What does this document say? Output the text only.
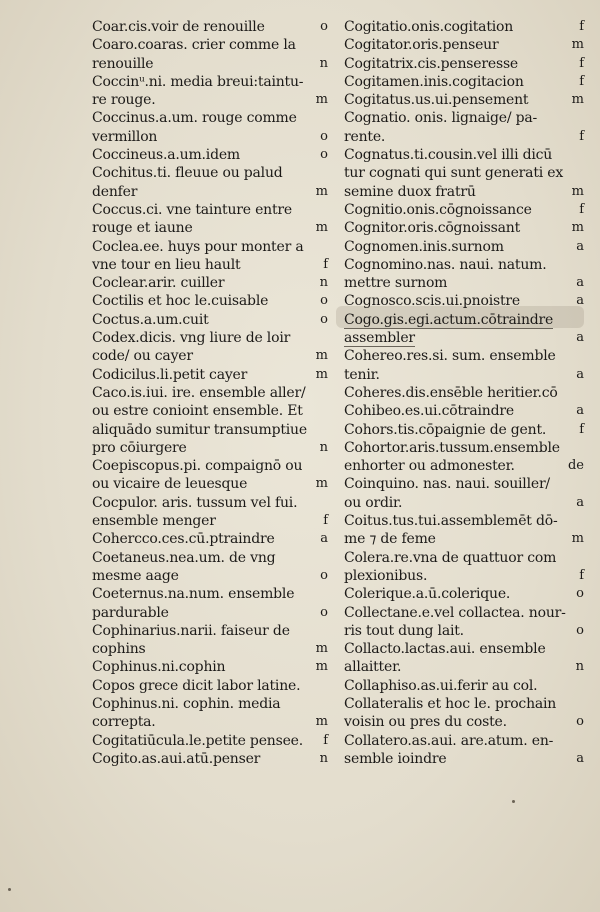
Coar.cis.voir de renouille	o
Coaro.coaras. crier comme la
renouille	n
Coccinᵘ.ni. media breui:taintu-
re rouge.	m
Coccinus.a.um. rouge comme
vermillon	o
Coccineus.a.um.idem	o
Cochitus.ti. fleuue ou palud
denfer	m
Coccus.ci. vne tainture entre
rouge et iaune	m
Coclea.ee. huys pour monter a
vne tour en lieu hault	f
Coclear.arir. cuiller	n
Coctilis et hoc le.cuisable	o
Coctus.a.um.cuit	o
Codex.dicis. vng liure de loir
code/ ou cayer	m
Codicilus.li.petit cayer	m
Caco.is.iui. ire. ensemble aller/
ou estre conioint ensemble. Et
aliquādo sumitur transumptiue
pro cōiurgere	n
Coepiscopus.pi. compaignō ou
ou vicaire de leuesque	m
Cocpulor. aris. tussum vel fui.
ensemble menger	f
Cohercco.ces.cū.ptraindre	a
Coetaneus.nea.um. de vng
mesme aage	o
Coeternus.na.num. ensemble
pardurable	o
Cophinarius.narii. faiseur de
cophins	m
Cophinus.ni.cophin	m
Copos grece dicit labor latine.
Cophinus.ni. cophin. media
correpta.	m
Cogitatiūcula.le.petite pensee.	f
Cogito.as.aui.atū.penser	n
Cogitatio.onis.cogitation	f
Cogitator.oris.penseur	m
Cogitatrix.cis.penseresse	f
Cogitamen.inis.cogitacion	f
Cogitatus.us.ui.pensement	m
Cognatio. onis. lignaige/ pa-
rente.	f
Cognatus.ti.cousin.vel illi dicū
tur cognati qui sunt generati ex
semine duox fratrū	m
Cognitio.onis.cōgnoissance	f
Cognitor.oris.cōgnoissant	m
Cognomen.inis.surnom	a
Cognomino.nas. naui. natum.
mettre surnom	a
Cognosco.scis.ui.pnoistre	a
Cogo.gis.egi.actum.cōtraindre
assembler	a
Cohereo.res.si. sum. ensemble
tenir.	a
Coheres.dis.ensēble heritier.cō
Cohibeo.es.ui.cōtraindre	a
Cohors.tis.cōpaignie de gent.	f
Cohortor.aris.tussum.ensemble
enhorter ou admonester.	de
Coinquino. nas. naui. souiller/
ou ordir.	a
Coitus.tus.tui.assemblemēt dō-
me ⁊ de feme	m
Colera.re.vna de quattuor com
plexionibus.	f
Colerique.a.ū.colerique.	o
Collectane.e.vel collactea. nour-
ris tout dung lait.	o
Collacto.lactas.aui. ensemble
allaitter.	n
Collaphiso.as.ui.ferir au col.
Collateralis et hoc le. prochain
voisin ou pres du coste.	o
Collatero.as.aui. are.atum. en-
semble ioindre	a
